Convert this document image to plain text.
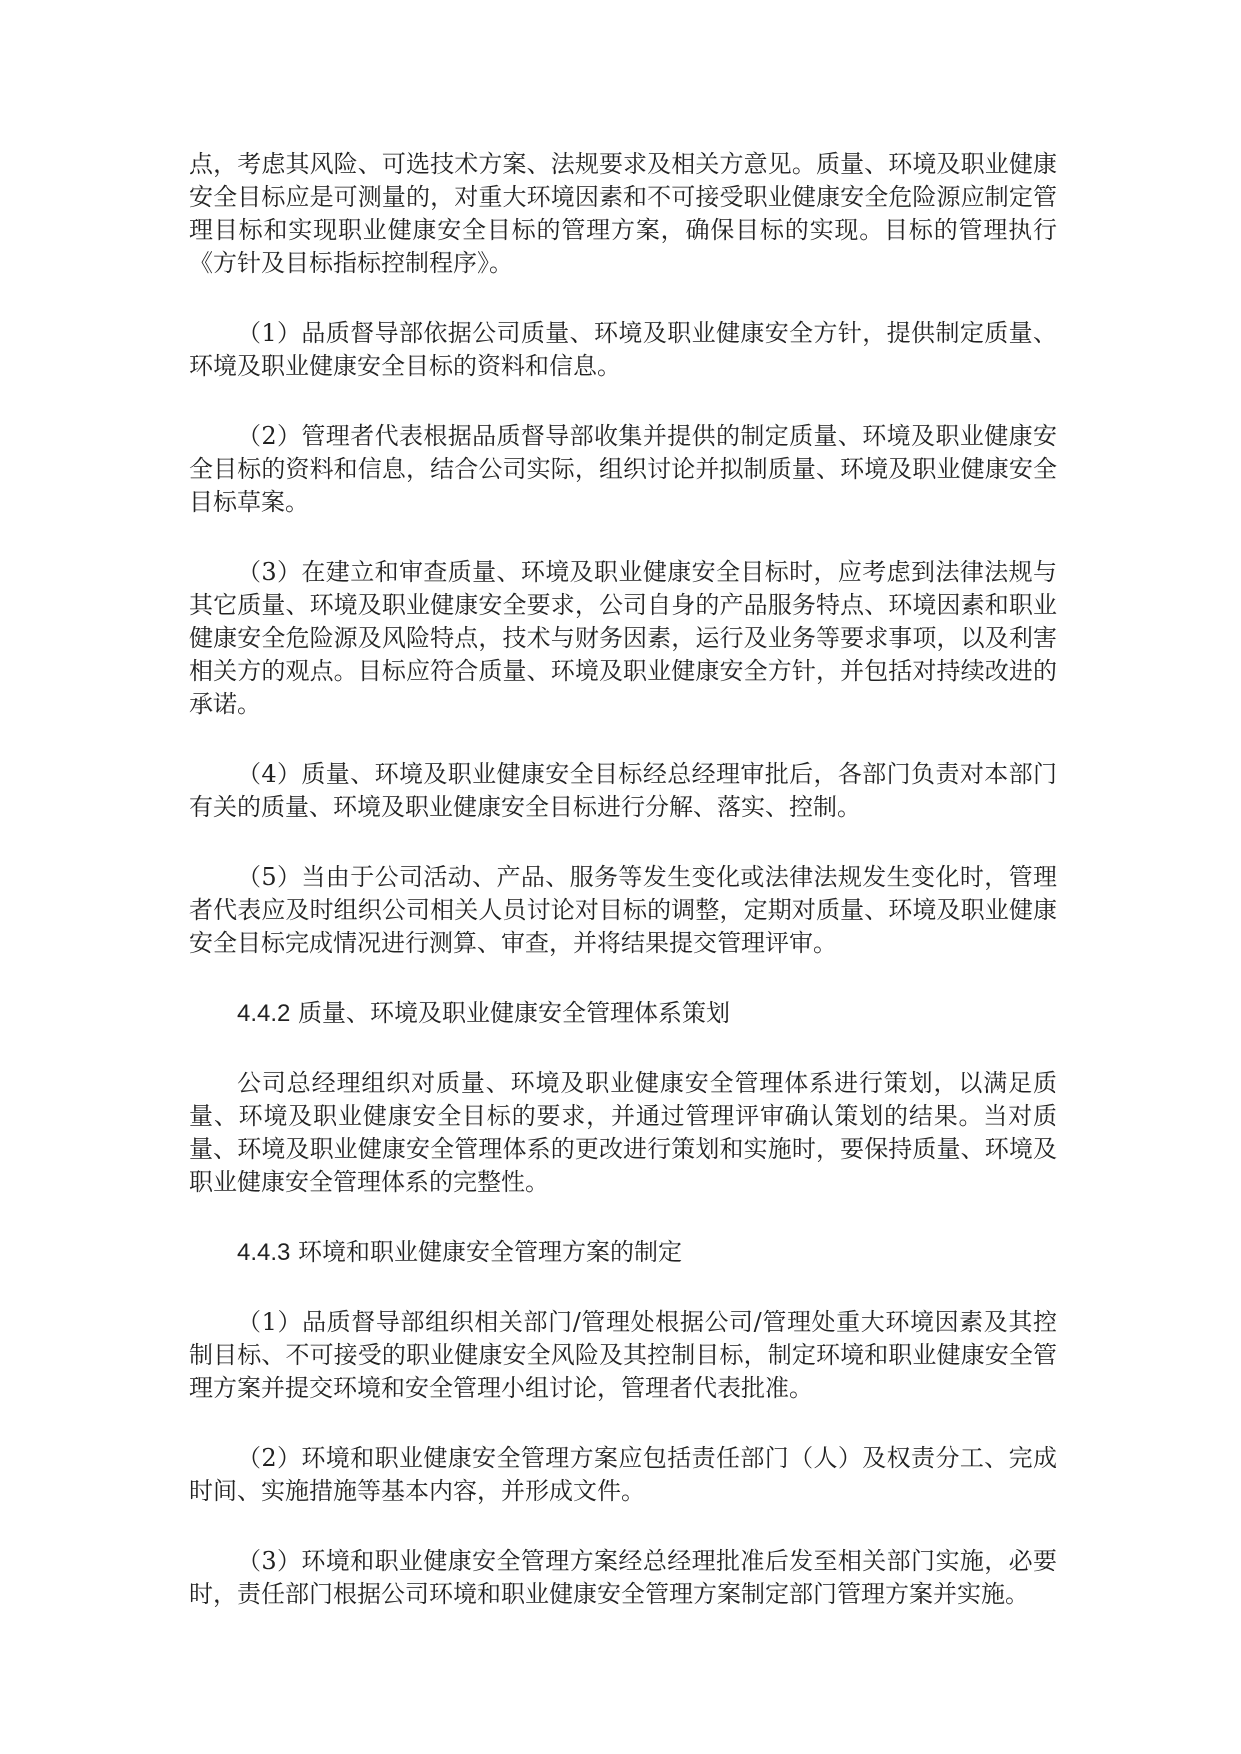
点，考虑其风险、可选技术方案、法规要求及相关方意见。质量、环境及职业健康安全目标应是可测量的，对重大环境因素和不可接受职业健康安全危险源应制定管理目标和实现职业健康安全目标的管理方案，确保目标的实现。目标的管理执行《方针及目标指标控制程序》。

（1）品质督导部依据公司质量、环境及职业健康安全方针，提供制定质量、环境及职业健康安全目标的资料和信息。

（2）管理者代表根据品质督导部收集并提供的制定质量、环境及职业健康安全目标的资料和信息，结合公司实际，组织讨论并拟制质量、环境及职业健康安全目标草案。

（3）在建立和审查质量、环境及职业健康安全目标时，应考虑到法律法规与其它质量、环境及职业健康安全要求，公司自身的产品服务特点、环境因素和职业健康安全危险源及风险特点，技术与财务因素，运行及业务等要求事项，以及利害相关方的观点。目标应符合质量、环境及职业健康安全方针，并包括对持续改进的承诺。

（4）质量、环境及职业健康安全目标经总经理审批后，各部门负责对本部门有关的质量、环境及职业健康安全目标进行分解、落实、控制。

（5）当由于公司活动、产品、服务等发生变化或法律法规发生变化时，管理者代表应及时组织公司相关人员讨论对目标的调整，定期对质量、环境及职业健康安全目标完成情况进行测算、审查，并将结果提交管理评审。

4.4.2 质量、环境及职业健康安全管理体系策划

公司总经理组织对质量、环境及职业健康安全管理体系进行策划，以满足质量、环境及职业健康安全目标的要求，并通过管理评审确认策划的结果。当对质量、环境及职业健康安全管理体系的更改进行策划和实施时，要保持质量、环境及职业健康安全管理体系的完整性。

4.4.3 环境和职业健康安全管理方案的制定

（1）品质督导部组织相关部门/管理处根据公司/管理处重大环境因素及其控制目标、不可接受的职业健康安全风险及其控制目标，制定环境和职业健康安全管理方案并提交环境和安全管理小组讨论，管理者代表批准。

（2）环境和职业健康安全管理方案应包括责任部门（人）及权责分工、完成时间、实施措施等基本内容，并形成文件。

（3）环境和职业健康安全管理方案经总经理批准后发至相关部门实施，必要时，责任部门根据公司环境和职业健康安全管理方案制定部门管理方案并实施。
